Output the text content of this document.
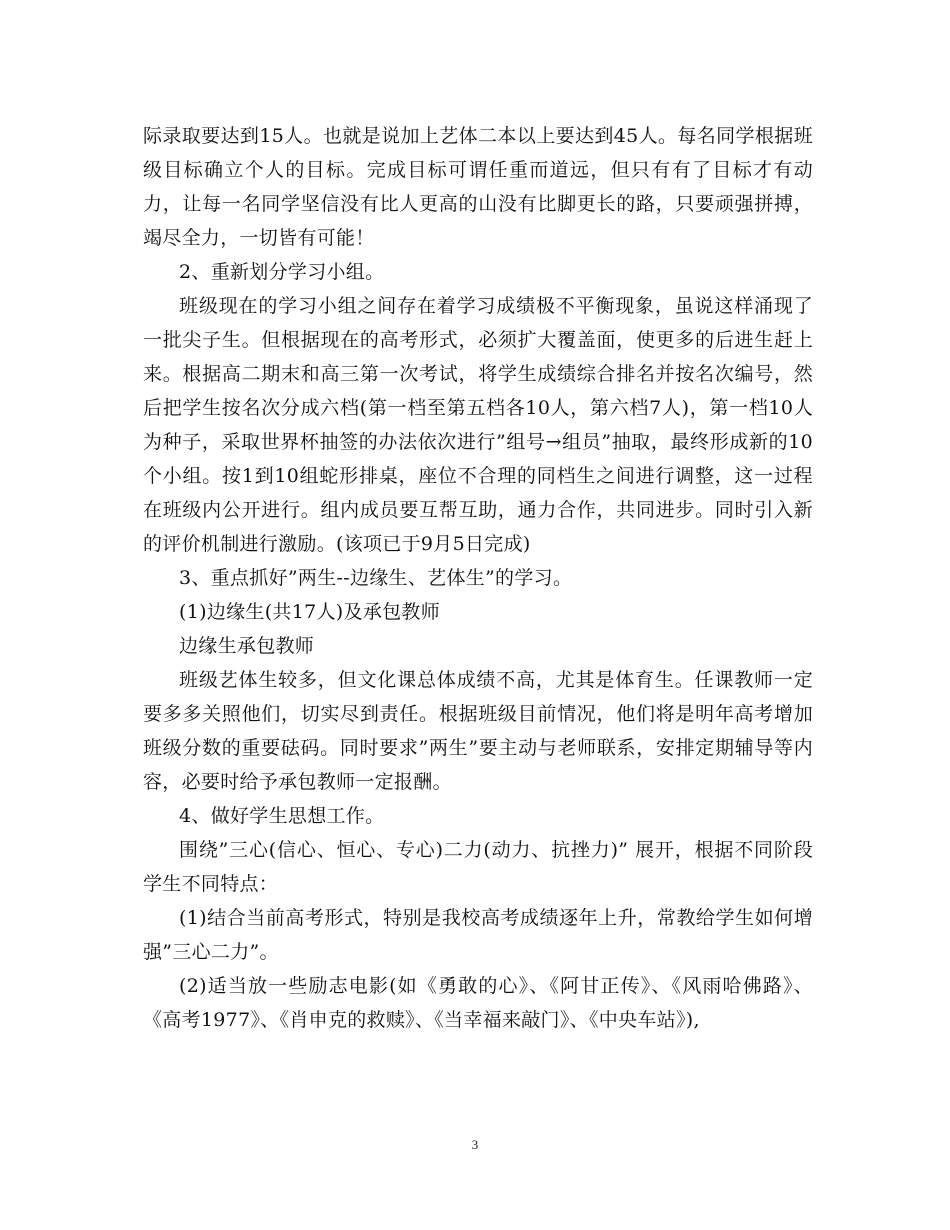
际录取要达到15人。也就是说加上艺体二本以上要达到45人。每名同学根据班级目标确立个人的目标。完成目标可谓任重而道远，但只有有了目标才有动力，让每一名同学坚信没有比人更高的山没有比脚更长的路，只要顽强拼搏，竭尽全力，一切皆有可能！

2、重新划分学习小组。

班级现在的学习小组之间存在着学习成绩极不平衡现象，虽说这样涌现了一批尖子生。但根据现在的高考形式，必须扩大覆盖面，使更多的后进生赶上来。根据高二期末和高三第一次考试，将学生成绩综合排名并按名次编号，然后把学生按名次分成六档(第一档至第五档各10人，第六档7人)，第一档10人为种子，采取世界杯抽签的办法依次进行”组号→组员”抽取，最终形成新的10个小组。按1到10组蛇形排桌，座位不合理的同档生之间进行调整，这一过程在班级内公开进行。组内成员要互帮互助，通力合作，共同进步。同时引入新的评价机制进行激励。(该项已于9月5日完成)

3、重点抓好”两生--边缘生、艺体生”的学习。

(1)边缘生(共17人)及承包教师

边缘生承包教师

班级艺体生较多，但文化课总体成绩不高，尤其是体育生。任课教师一定要多多关照他们，切实尽到责任。根据班级目前情况，他们将是明年高考增加班级分数的重要砝码。同时要求”两生”要主动与老师联系，安排定期辅导等内容，必要时给予承包教师一定报酬。

4、做好学生思想工作。

围绕”三心(信心、恒心、专心)二力(动力、抗挫力)” 展开，根据不同阶段学生不同特点：

(1)结合当前高考形式，特别是我校高考成绩逐年上升，常教给学生如何增强”三心二力”。

(2)适当放一些励志电影(如《勇敢的心》、《阿甘正传》、《风雨哈佛路》、《高考1977》、《肖申克的救赎》、《当幸福来敲门》、《中央车站》),

3
